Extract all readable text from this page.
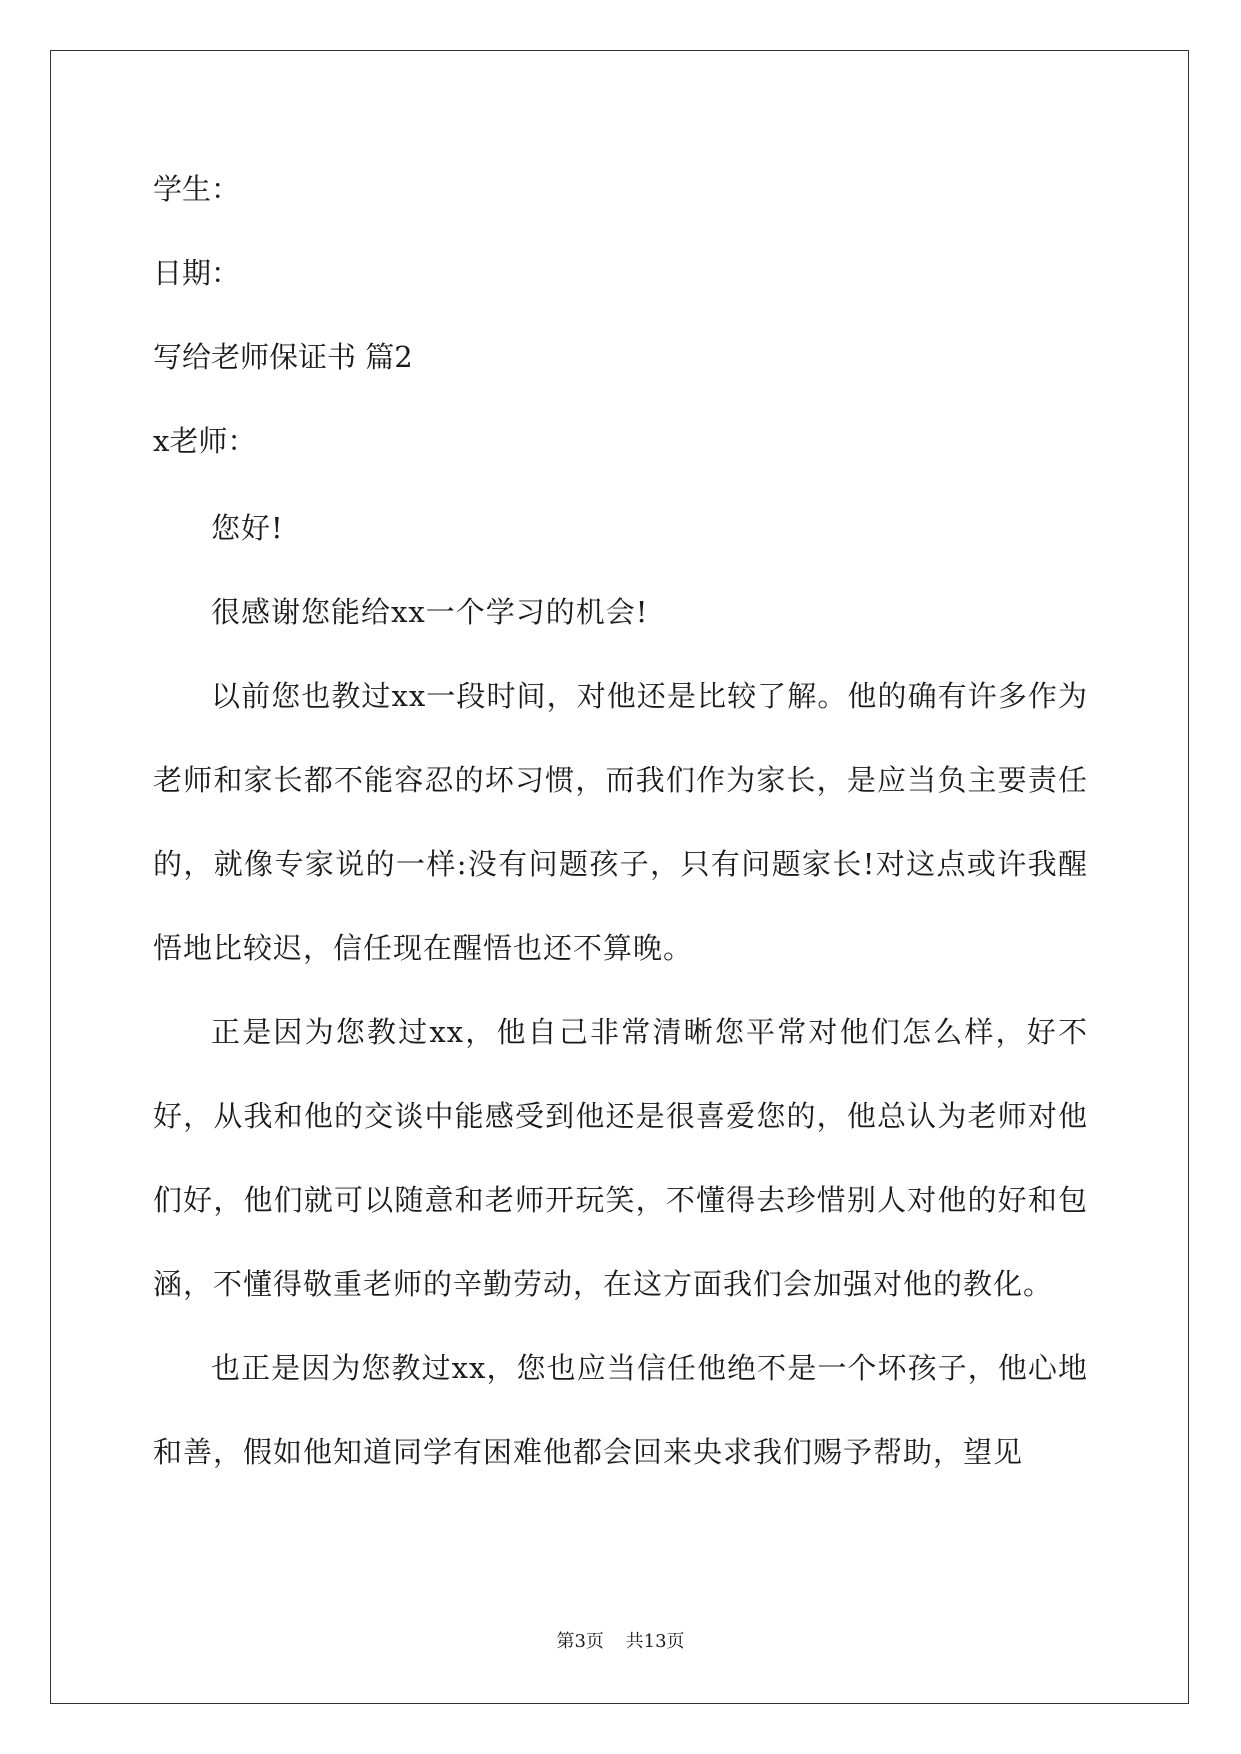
学生：

日期：

写给老师保证书 篇2

x老师：

您好!

很感谢您能给xx一个学习的机会!

以前您也教过xx一段时间，对他还是比较了解。他的确有许多作为老师和家长都不能容忍的坏习惯，而我们作为家长，是应当负主要责任的，就像专家说的一样:没有问题孩子，只有问题家长!对这点或许我醒悟地比较迟，信任现在醒悟也还不算晚。

正是因为您教过xx，他自己非常清晰您平常对他们怎么样，好不好，从我和他的交谈中能感受到他还是很喜爱您的，他总认为老师对他们好，他们就可以随意和老师开玩笑，不懂得去珍惜别人对他的好和包涵，不懂得敬重老师的辛勤劳动，在这方面我们会加强对他的教化。

也正是因为您教过xx，您也应当信任他绝不是一个坏孩子，他心地和善，假如他知道同学有困难他都会回来央求我们赐予帮助，望见

第3页 共13页
